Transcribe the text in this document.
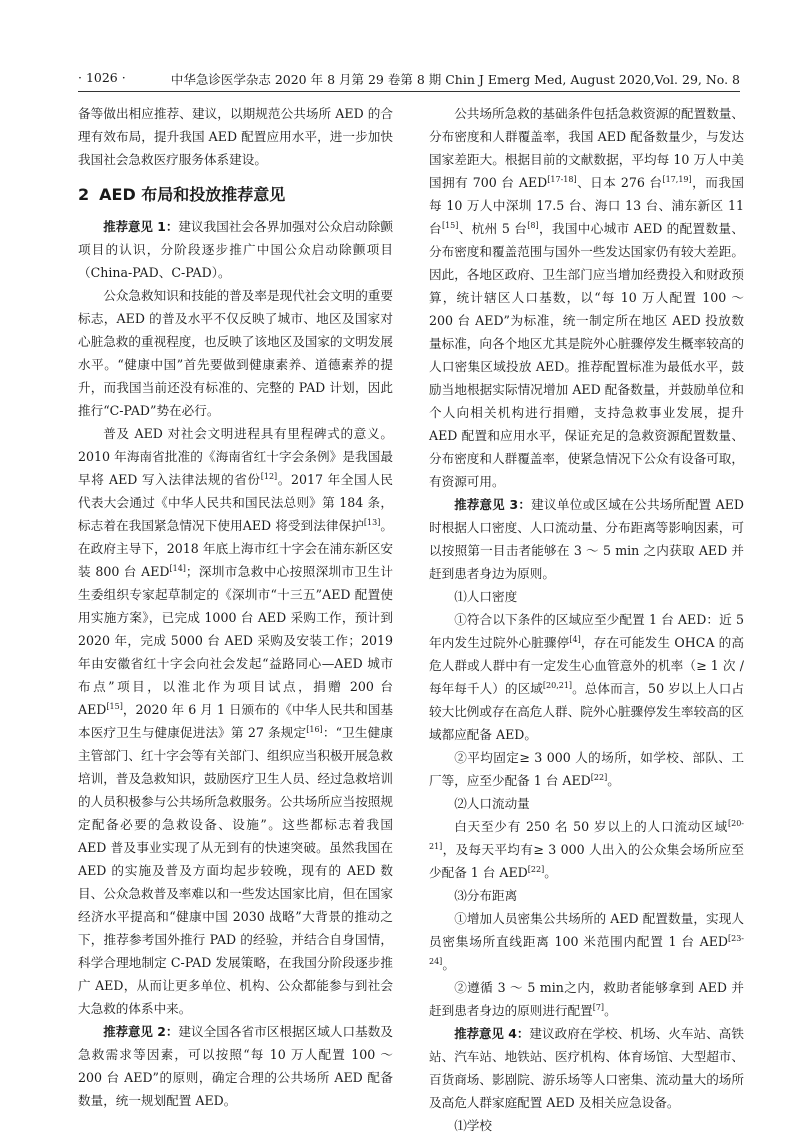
· 1026 ·	中华急诊医学杂志 2020 年 8 月第 29 卷第 8 期 Chin J Emerg Med, August 2020,Vol. 29, No. 8

备等做出相应推荐、建议，以期规范公共场所 AED 的合理有效布局，提升我国 AED 配置应用水平，进一步加快我国社会急救医疗服务体系建设。

2 AED 布局和投放推荐意见

推荐意见 1：建议我国社会各界加强对公众启动除颤项目的认识，分阶段逐步推广中国公众启动除颤项目（China-PAD、C-PAD）。

公众急救知识和技能的普及率是现代社会文明的重要标志，AED 的普及水平不仅反映了城市、地区及国家对心脏急救的重视程度，也反映了该地区及国家的文明发展水平。“健康中国”首先要做到健康素养、道德素养的提升，而我国当前还没有标准的、完整的 PAD 计划，因此推行“C-PAD”势在必行。

普及 AED 对社会文明进程具有里程碑式的意义。2010 年海南省批准的《海南省红十字会条例》是我国最早将 AED 写入法律法规的省份[12]。2017 年全国人民代表大会通过《中华人民共和国民法总则》第 184 条，标志着在我国紧急情况下使用AED 将受到法律保护[13]。在政府主导下，2018 年底上海市红十字会在浦东新区安装 800 台 AED[14]；深圳市急救中心按照深圳市卫生计生委组织专家起草制定的《深圳市“十三五”AED 配置使用实施方案》，已完成 1000 台 AED 采购工作，预计到 2020 年，完成 5000 台 AED 采购及安装工作；2019 年由安徽省红十字会向社会发起“益路同心—AED 城市布点”项目，以淮北作为项目试点，捐赠 200 台 AED[15]，2020 年 6 月 1 日颁布的《中华人民共和国基本医疗卫生与健康促进法》第 27 条规定[16]：“卫生健康主管部门、红十字会等有关部门、组织应当积极开展急救培训，普及急救知识，鼓励医疗卫生人员、经过急救培训的人员积极参与公共场所急救服务。公共场所应当按照规定配备必要的急救设备、设施”。这些都标志着我国 AED 普及事业实现了从无到有的快速突破。虽然我国在 AED 的实施及普及方面均起步较晚，现有的 AED 数目、公众急救普及率难以和一些发达国家比肩，但在国家经济水平提高和“健康中国 2030 战略”大背景的推动之下，推荐参考国外推行 PAD 的经验，并结合自身国情，科学合理地制定 C-PAD 发展策略，在我国分阶段逐步推广 AED，从而让更多单位、机构、公众都能参与到社会大急救的体系中来。

推荐意见 2：建议全国各省市区根据区域人口基数及急救需求等因素，可以按照“每 10 万人配置 100 ～ 200 台 AED”的原则，确定合理的公共场所 AED 配备数量，统一规划配置 AED。

公共场所急救的基础条件包括急救资源的配置数量、分布密度和人群覆盖率，我国 AED 配备数量少，与发达国家差距大。根据目前的文献数据，平均每 10 万人中美国拥有 700 台 AED[17-18]、日本 276 台[17,19]，而我国每 10 万人中深圳 17.5 台、海口 13 台、浦东新区 11 台[15]、杭州 5 台[8]，我国中心城市 AED 的配置数量、分布密度和覆盖范围与国外一些发达国家仍有较大差距。因此，各地区政府、卫生部门应当增加经费投入和财政预算，统计辖区人口基数，以“每 10 万人配置 100 ～ 200 台 AED”为标准，统一制定所在地区 AED 投放数量标准，向各个地区尤其是院外心脏骤停发生概率较高的人口密集区域投放 AED。推荐配置标准为最低水平，鼓励当地根据实际情况增加 AED 配备数量，并鼓励单位和个人向相关机构进行捐赠，支持急救事业发展，提升 AED 配置和应用水平，保证充足的急救资源配置数量、分布密度和人群覆盖率，使紧急情况下公众有设备可取，有资源可用。

推荐意见 3：建议单位或区域在公共场所配置 AED 时根据人口密度、人口流动量、分布距离等影响因素，可以按照第一目击者能够在 3 ～ 5 min 之内获取 AED 并赶到患者身边为原则。

⑴人口密度

①符合以下条件的区域应至少配置 1 台 AED：近 5 年内发生过院外心脏骤停[4]，存在可能发生 OHCA 的高危人群或人群中有一定发生心血管意外的机率（≥ 1 次 / 每年每千人）的区域[20,21]。总体而言，50 岁以上人口占较大比例或存在高危人群、院外心脏骤停发生率较高的区域都应配备 AED。

②平均固定≥ 3 000 人的场所，如学校、部队、工厂等，应至少配备 1 台 AED[22]。

⑵人口流动量

白天至少有 250 名 50 岁以上的人口流动区域[20-21]，及每天平均有≥ 3 000 人出入的公众集会场所应至少配备 1 台 AED[22]。

⑶分布距离

①增加人员密集公共场所的 AED 配置数量，实现人员密集场所直线距离 100 米范围内配置 1 台 AED[23-24]。

②遵循 3 ～ 5 min之内，救助者能够拿到 AED 并赶到患者身边的原则进行配置[7]。

推荐意见 4：建议政府在学校、机场、火车站、高铁站、汽车站、地铁站、医疗机构、体育场馆、大型超市、百货商场、影剧院、游乐场等人口密集、流动量大的场所及高危人群家庭配置 AED 及相关应急设备。

⑴学校
